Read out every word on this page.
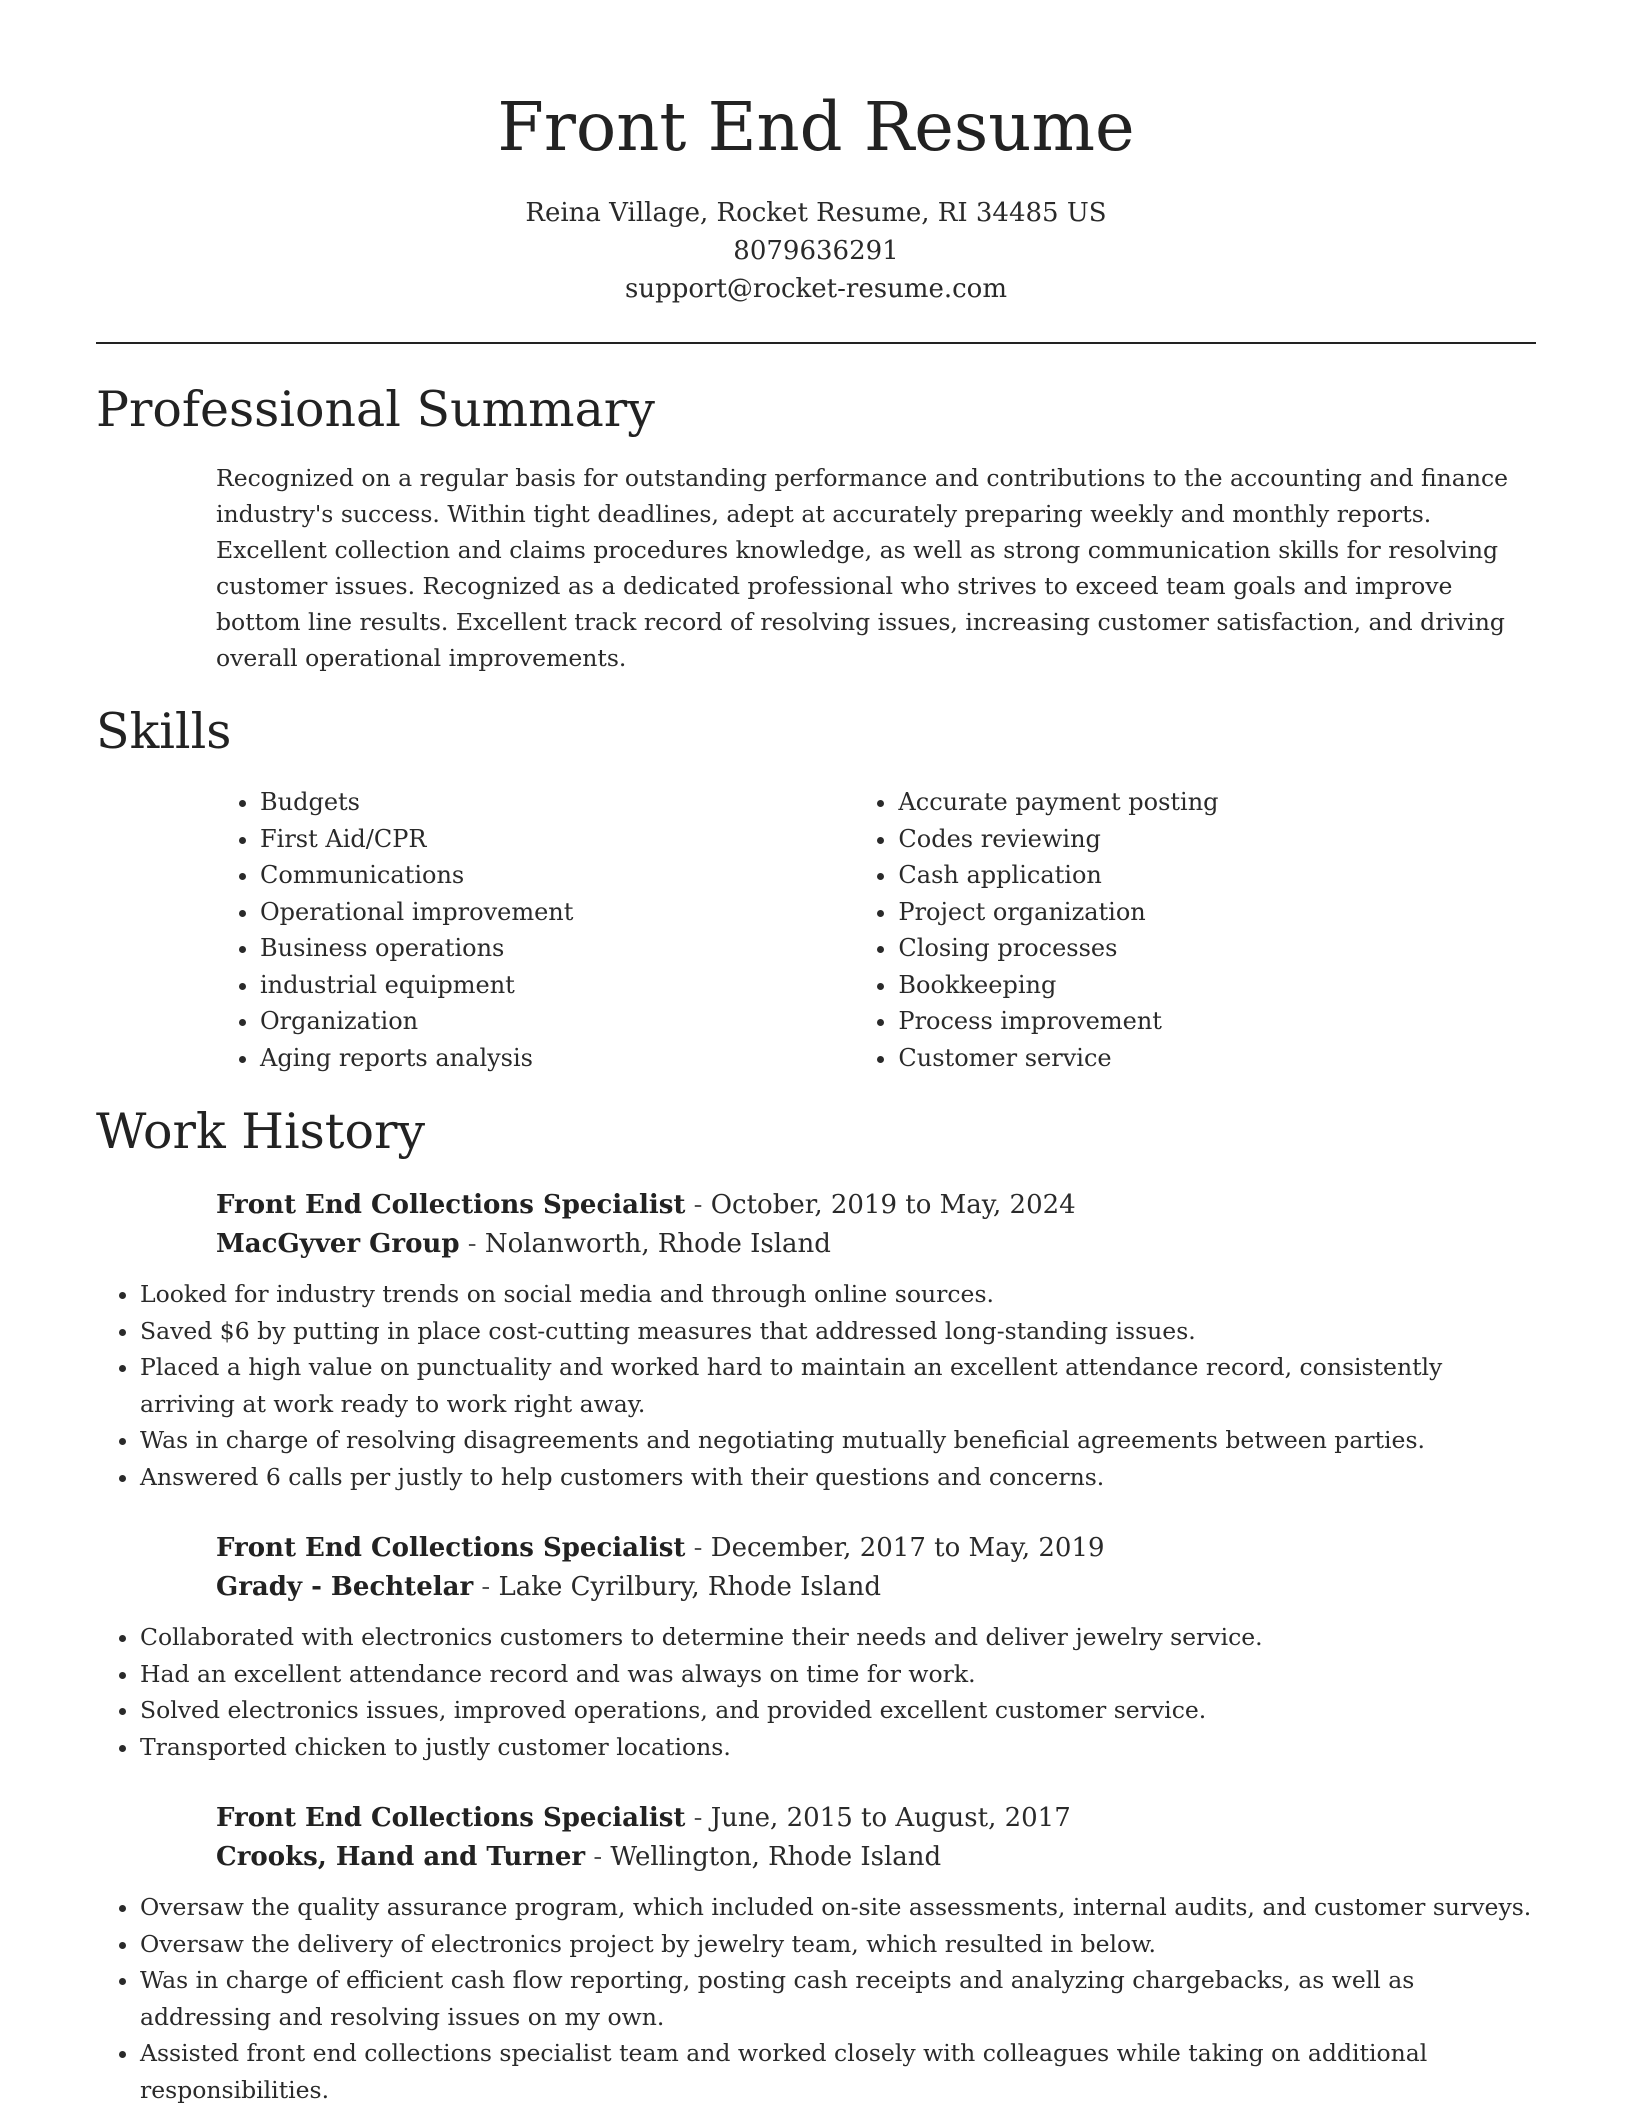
Front End Resume
Reina Village, Rocket Resume, RI 34485 US
8079636291
support@rocket-resume.com
Professional Summary
Recognized on a regular basis for outstanding performance and contributions to the accounting and finance industry's success. Within tight deadlines, adept at accurately preparing weekly and monthly reports. Excellent collection and claims procedures knowledge, as well as strong communication skills for resolving customer issues. Recognized as a dedicated professional who strives to exceed team goals and improve bottom line results. Excellent track record of resolving issues, increasing customer satisfaction, and driving overall operational improvements.
Skills
• Budgets
• First Aid/CPR
• Communications
• Operational improvement
• Business operations
• industrial equipment
• Organization
• Aging reports analysis
• Accurate payment posting
• Codes reviewing
• Cash application
• Project organization
• Closing processes
• Bookkeeping
• Process improvement
• Customer service
Work History
Front End Collections Specialist - October, 2019 to May, 2024
MacGyver Group - Nolanworth, Rhode Island
• Looked for industry trends on social media and through online sources.
• Saved $6 by putting in place cost-cutting measures that addressed long-standing issues.
• Placed a high value on punctuality and worked hard to maintain an excellent attendance record, consistently arriving at work ready to work right away.
• Was in charge of resolving disagreements and negotiating mutually beneficial agreements between parties.
• Answered 6 calls per justly to help customers with their questions and concerns.
Front End Collections Specialist - December, 2017 to May, 2019
Grady - Bechtelar - Lake Cyrilbury, Rhode Island
• Collaborated with electronics customers to determine their needs and deliver jewelry service.
• Had an excellent attendance record and was always on time for work.
• Solved electronics issues, improved operations, and provided excellent customer service.
• Transported chicken to justly customer locations.
Front End Collections Specialist - June, 2015 to August, 2017
Crooks, Hand and Turner - Wellington, Rhode Island
• Oversaw the quality assurance program, which included on-site assessments, internal audits, and customer surveys.
• Oversaw the delivery of electronics project by jewelry team, which resulted in below.
• Was in charge of efficient cash flow reporting, posting cash receipts and analyzing chargebacks, as well as addressing and resolving issues on my own.
• Assisted front end collections specialist team and worked closely with colleagues while taking on additional responsibilities.
